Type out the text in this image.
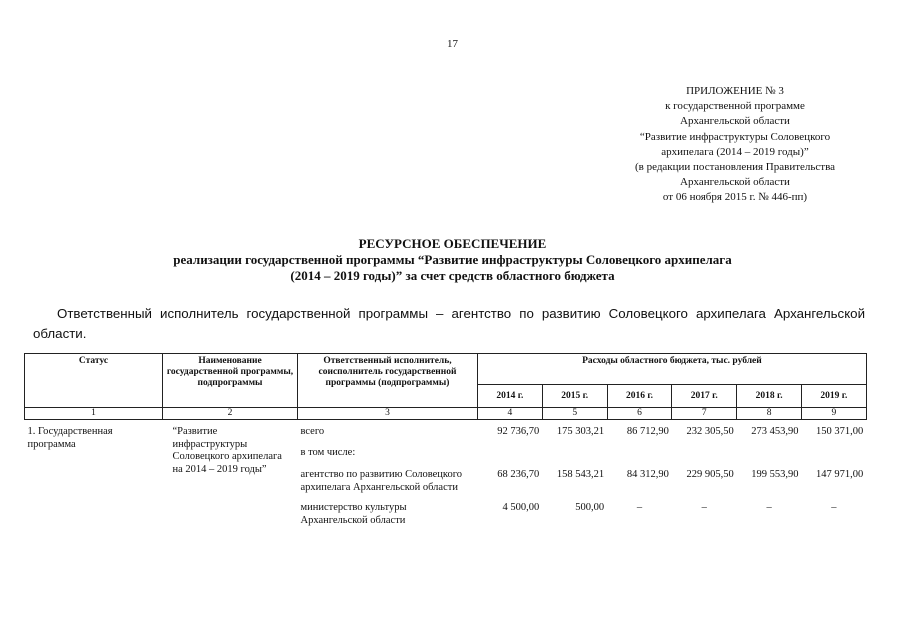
17
ПРИЛОЖЕНИЕ № 3
к государственной программе
Архангельской области
“Развитие инфраструктуры Соловецкого
архипелага (2014 – 2019 годы)”
(в редакции постановления Правительства
Архангельской области
от 06 ноября 2015 г. № 446-пп)
РЕСУРСНОЕ ОБЕСПЕЧЕНИЕ
реализации государственной программы “Развитие инфраструктуры Соловецкого архипелага
(2014 – 2019 годы)” за счет средств областного бюджета
Ответственный исполнитель государственной программы – агентство по развитию Соловецкого архипелага Архангельской области.
Статус	Наименование государственной программы, подпрограммы	Ответственный исполнитель, соисполнитель государственной программы (подпрограммы)	Расходы областного бюджета, тыс. рублей					
			2014 г.	2015 г.	2016 г.	2017 г.	2018 г.	2019 г.
1	2	3	4	5	6	7	8	9

1. Государственная программа	“Развитие инфраструктуры Соловецкого архипелага на 2014 – 2019 годы”	всего	92 736,70	175 303,21	86 712,90	232 305,50	273 453,90	150 371,00
		в том числе:						
		агентство по развитию Соловецкого архипелага Архангельской области	68 236,70	158 543,21	84 312,90	229 905,50	199 553,90	147 971,00
		министерство культуры Архангельской области	4 500,00	500,00	–	–	–	–
